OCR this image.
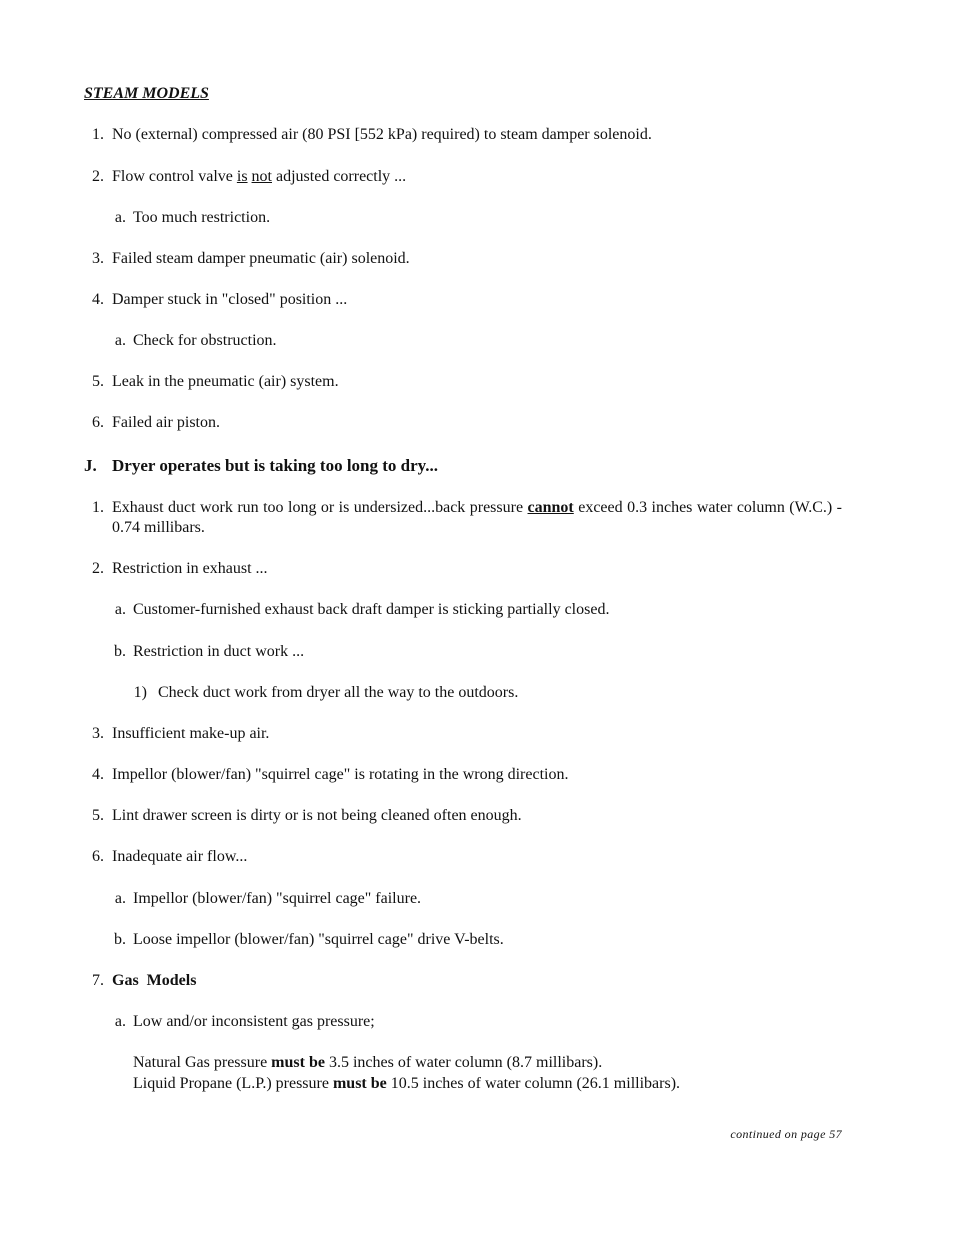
STEAM MODELS
1. No (external) compressed air (80 PSI [552 kPa) required) to steam damper solenoid.
2. Flow control valve is not adjusted correctly ...
a. Too much restriction.
3. Failed steam damper pneumatic (air) solenoid.
4. Damper stuck in "closed" position ...
a. Check for obstruction.
5. Leak in the pneumatic (air) system.
6. Failed air piston.
J. Dryer operates but is taking too long to dry...
1. Exhaust duct work run too long or is undersized...back pressure cannot exceed 0.3 inches water column (W.C.) - 0.74 millibars.
2. Restriction in exhaust ...
a. Customer-furnished exhaust back draft damper is sticking partially closed.
b. Restriction in duct work ...
1) Check duct work from dryer all the way to the outdoors.
3. Insufficient make-up air.
4. Impellor (blower/fan) "squirrel cage" is rotating in the wrong direction.
5. Lint drawer screen is dirty or is not being cleaned often enough.
6. Inadequate air flow...
a. Impellor (blower/fan) "squirrel cage" failure.
b. Loose impellor (blower/fan) "squirrel cage" drive V-belts.
7. Gas  Models
a. Low and/or inconsistent gas pressure;
Natural Gas pressure must be 3.5 inches of water column (8.7 millibars).
Liquid Propane (L.P.) pressure must be 10.5 inches of water column (26.1 millibars).
continued on page 57
